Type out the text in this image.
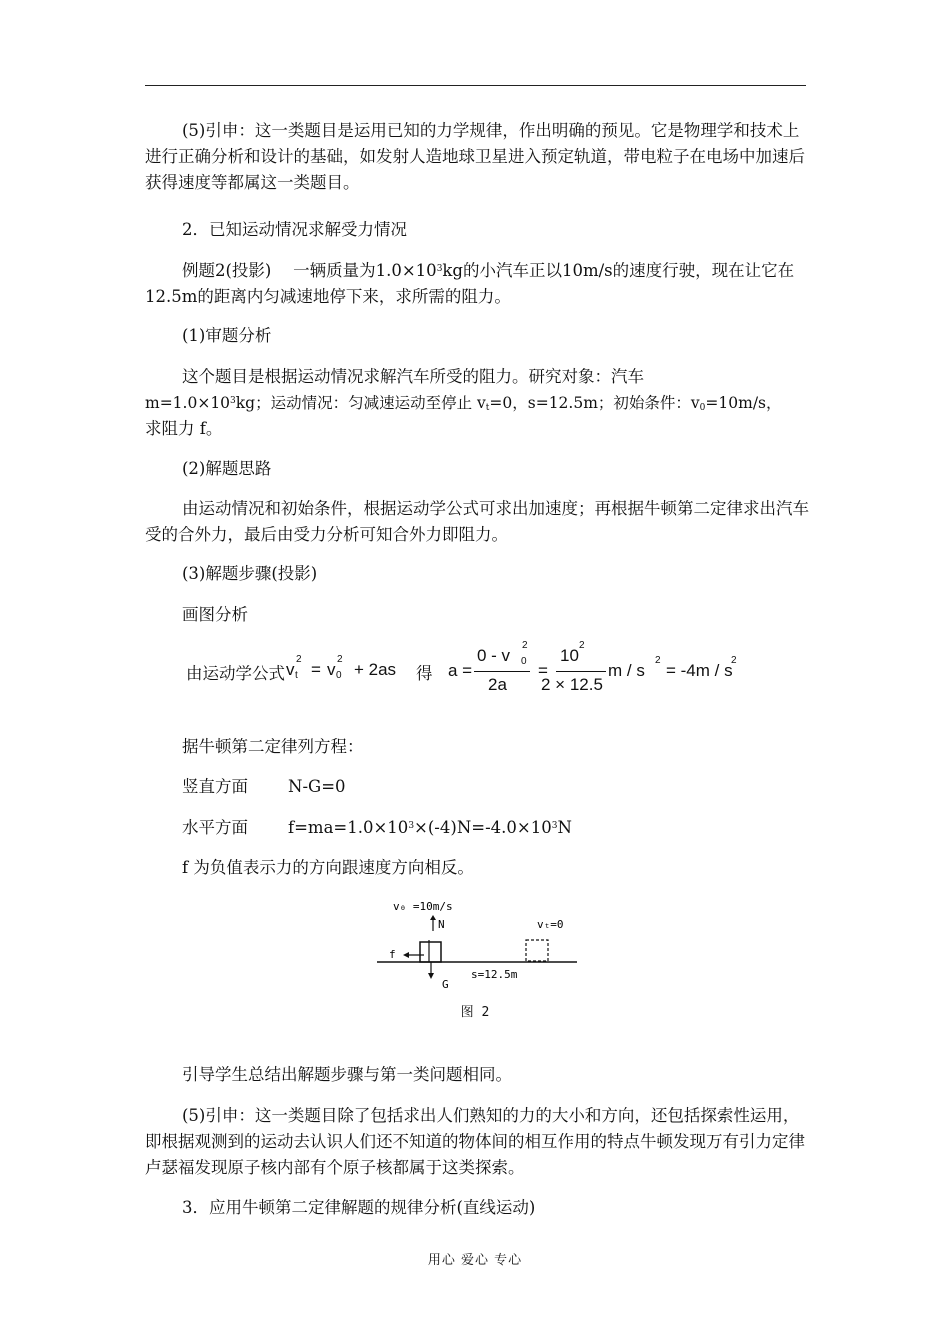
(5)引申：这一类题目是运用已知的力学规律，作出明确的预见。它是物理学和技术上进行正确分析和设计的基础，如发射人造地球卫星进入预定轨道，带电粒子在电场中加速后获得速度等都属这一类题目。

2．已知运动情况求解受力情况

例题2(投影)　 一辆质量为$1.0\times 10^3kg$的小汽车正以10m/s的速度行驶，现在让它在12.5m的距离内匀减速地停下来，求所需的阻力。

(1)审题分析

这个题目是根据运动情况求解汽车所受的阻力。研究对象：汽车

$m=1.0\times 10^3kg$；运动情况：匀减速运动至停止 $v_t=0$，s=12.5m；初始条件：$v_0=10m/s$，

求阻力 f。

(2)解题思路

由运动情况和初始条件，根据运动学公式可求出加速度；再根据牛顿第二定律求出汽车受的合外力，最后由受力分析可知合外力即阻力。

(3)解题步骤(投影)

画图分析

由运动学公式 v t
2
= v 0
2
+ 2as 得 a =
0 - v
2
0
2a
=
10
2
2 × 12.5
m / s
2
= -4m / s
2

据牛顿第二定律列方程：

竖直方面	N-G=0

水平方面	$f=ma=1.0\times 10^3\times(-4)N=-4.0\times 10^3N$

f 为负值表示力的方向跟速度方向相反。

v₀ =10m/s
N
f
G
s=12.5m
vₜ=0
图 2

引导学生总结出解题步骤与第一类问题相同。

(5)引申：这一类题目除了包括求出人们熟知的力的大小和方向，还包括探索性运用，即根据观测到的运动去认识人们还不知道的物体间的相互作用的特点牛顿发现万有引力定律卢瑟福发现原子核内部有个原子核都属于这类探索。

3．应用牛顿第二定律解题的规律分析(直线运动)

用心 爱心 专心
